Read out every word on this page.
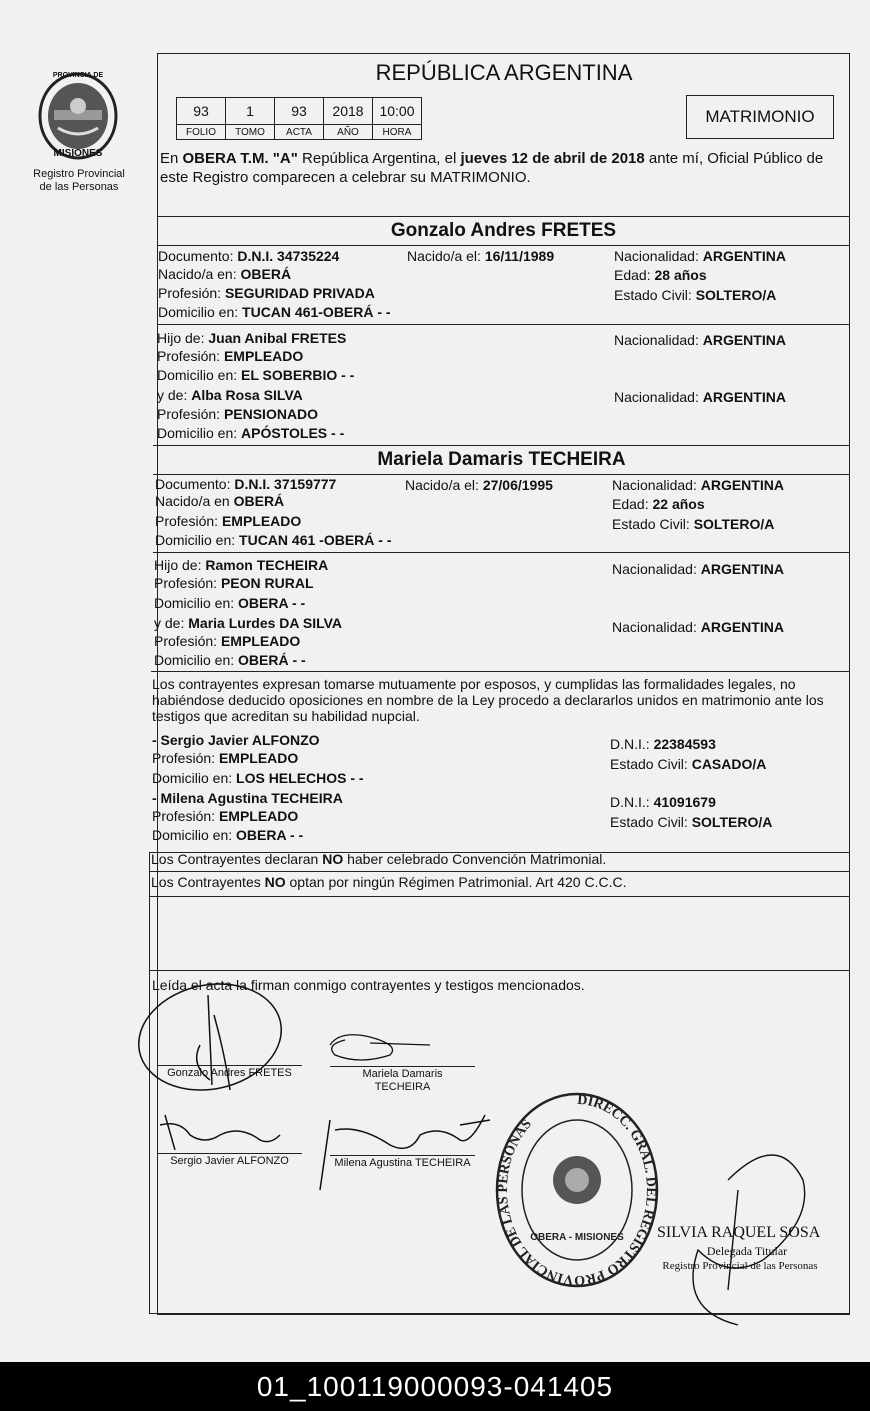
PROVINCIA DE
MISIONES
Registro Provincial
de las Personas
REPÚBLICA ARGENTINA
93	1	93	2018	10:00
FOLIO	TOMO	ACTA	AÑO	HORA
MATRIMONIO
En OBERA T.M. "A" República Argentina, el jueves 12 de abril de 2018 ante mí, Oficial Público de este Registro comparecen a celebrar su MATRIMONIO.
Gonzalo Andres FRETES
Documento: D.N.I. 34735224	Nacido/a el: 16/11/1989	Nacionalidad: ARGENTINA
Nacido/a en: OBERÁ	Edad: 28 años
Profesión: SEGURIDAD PRIVADA	Estado Civil: SOLTERO/A
Domicilio en: TUCAN 461-OBERÁ - -
Hijo de: Juan Anibal FRETES	Nacionalidad: ARGENTINA
Profesión: EMPLEADO
Domicilio en: EL SOBERBIO - -
y de: Alba Rosa SILVA	Nacionalidad: ARGENTINA
Profesión: PENSIONADO
Domicilio en: APÓSTOLES - -
Mariela Damaris TECHEIRA
Documento: D.N.I. 37159777	Nacido/a el: 27/06/1995	Nacionalidad: ARGENTINA
Nacido/a en OBERÁ	Edad: 22 años
Profesión: EMPLEADO	Estado Civil: SOLTERO/A
Domicilio en: TUCAN 461 -OBERÁ - -
Hijo de: Ramon TECHEIRA	Nacionalidad: ARGENTINA
Profesión: PEON RURAL
Domicilio en: OBERA - -
y de: Maria Lurdes DA SILVA	Nacionalidad: ARGENTINA
Profesión: EMPLEADO
Domicilio en: OBERÁ - -
Los contrayentes expresan tomarse mutuamente por esposos, y cumplidas las formalidades legales, no habiéndose deducido oposiciones en nombre de la Ley procedo a declararlos unidos en matrimonio ante los testigos que acreditan su habilidad nupcial.
- Sergio Javier ALFONZO
Profesión: EMPLEADO
Domicilio en: LOS HELECHOS - -
D.N.I.: 22384593
Estado Civil: CASADO/A
- Milena Agustina TECHEIRA
Profesión: EMPLEADO
Domicilio en: OBERA - -
D.N.I.: 41091679
Estado Civil: SOLTERO/A
Los Contrayentes declaran NO haber celebrado Convención Matrimonial.
Los Contrayentes NO optan por ningún Régimen Patrimonial. Art 420 C.C.C.
Leída el acta la firman conmigo contrayentes y testigos mencionados.
Gonzalo Andres FRETES	Mariela Damaris
TECHEIRA
Sergio Javier ALFONZO	Milena Agustina TECHEIRA
DIRECC. GRAL. DEL REGISTRO PROVINCIAL DE LAS PERSONAS
OBERA - MISIONES SILVIA RAQUEL SOSA
Delegada Titular
Registro Provincial de las Personas
01_100119000093-041405
